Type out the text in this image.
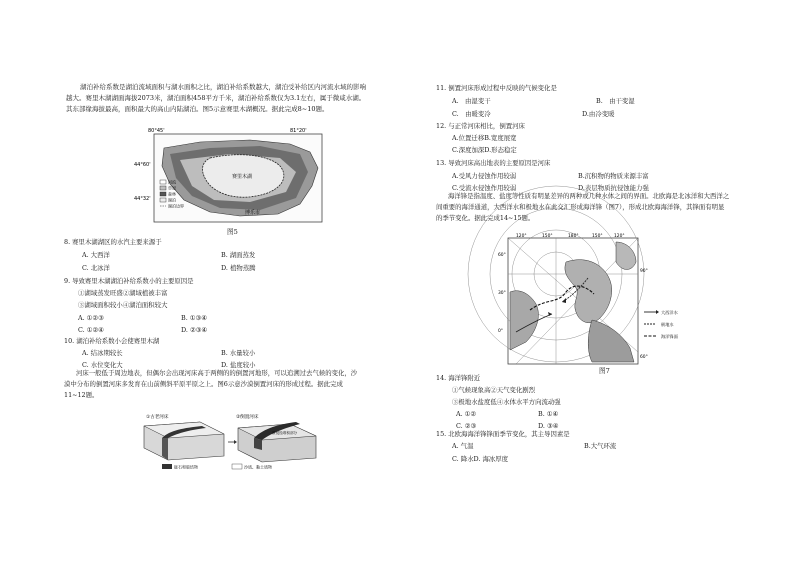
湖泊补给系数是湖泊流域面积与湖水面积之比，湖泊补给系数越大，湖泊受补给区内河流水域的影响越大。赛里木湖湖面海拔2073米，湖泊面积458平方千米，湖泊补给系数仅为3.1左右，属于微咸水湖。其东部缘海拔最高，面积最大的高山内陆湖泊。图5示意赛里木湖概况。据此完成8~10题。
赛里木湖
河流
草原
森林
湖泊
湖泊边界
80°45'	81°20'
44°60'
44°32'
博乐市
图5
8. 赛里木湖湖区的水汽主要来源于
A. 大西洋	B. 湖面蒸发
C. 北冰洋	D. 植物蒸腾
9. 导致赛里木湖湖泊补给系数小的主要原因是
①湖域蒸发旺盛②湖域植被丰富
③湖域面积较小④湖泊面积较大
A. ①②③	B. ①③④
C. ①②④	D. ②③④
10. 湖泊补给系数小会使赛里木湖
A. 结冰期较长	B. 水量较小
C. 水位变化大	D. 盐度较小
河床一般低于周边地表，但偶尔会出现河床高于两侧的的倒置河地形，可以追溯过去气候的变化，沙漠中分布的倒置河床多发育在山前侧斜平原平原之上。图6示意沙漠倒置河床的形成过程。据此完成11~12题。
①古老河床	②倒置河床
被侵蚀堆积部分
砾石和胶结物	沙质、黏土质物
11. 倒置河床形成过程中反映的气候变化是
A.　由湿变干	B.　由干变湿
C.　由暖变冷	D.由冷变暖
12. 与正常河床相比，倒置河床
A.位置迁移B.宽度展宽
C.深度加深D.形态稳定
13. 导致河床高出地表的主要原因是河床
A.受风力侵蚀作用较弱	B.沉积物的物质来源丰富
C.受流水侵蚀作用较弱	D.表层物质抗侵蚀能力强
海洋锋是指温度、盐度等性质有明显差异的两种或几种水体之间的界面。北欧海是北冰洋和大西洋之间重要的海洋通道，大西洋水和极地水在此交汇形成海洋锋（图7），形成北欧海海洋锋，其锋面有明显的季节变化。据此完成14~15题。
120°	150°	180°	150°	120°
90°
60°
60°
30°
0°
大西洋水
极地水
海洋锋面
图7
14. 海洋锋附近
①气候现象高②天气变化剧烈
③极地水盐度低④水体水平方向流动强
A. ①②	B. ①④
C. ②③	D. ③④
15. 北欧海海洋锋锋面季节变化，其主导因素是
A. 气温	B.大气环流
C. 降水D. 海冰厚度
